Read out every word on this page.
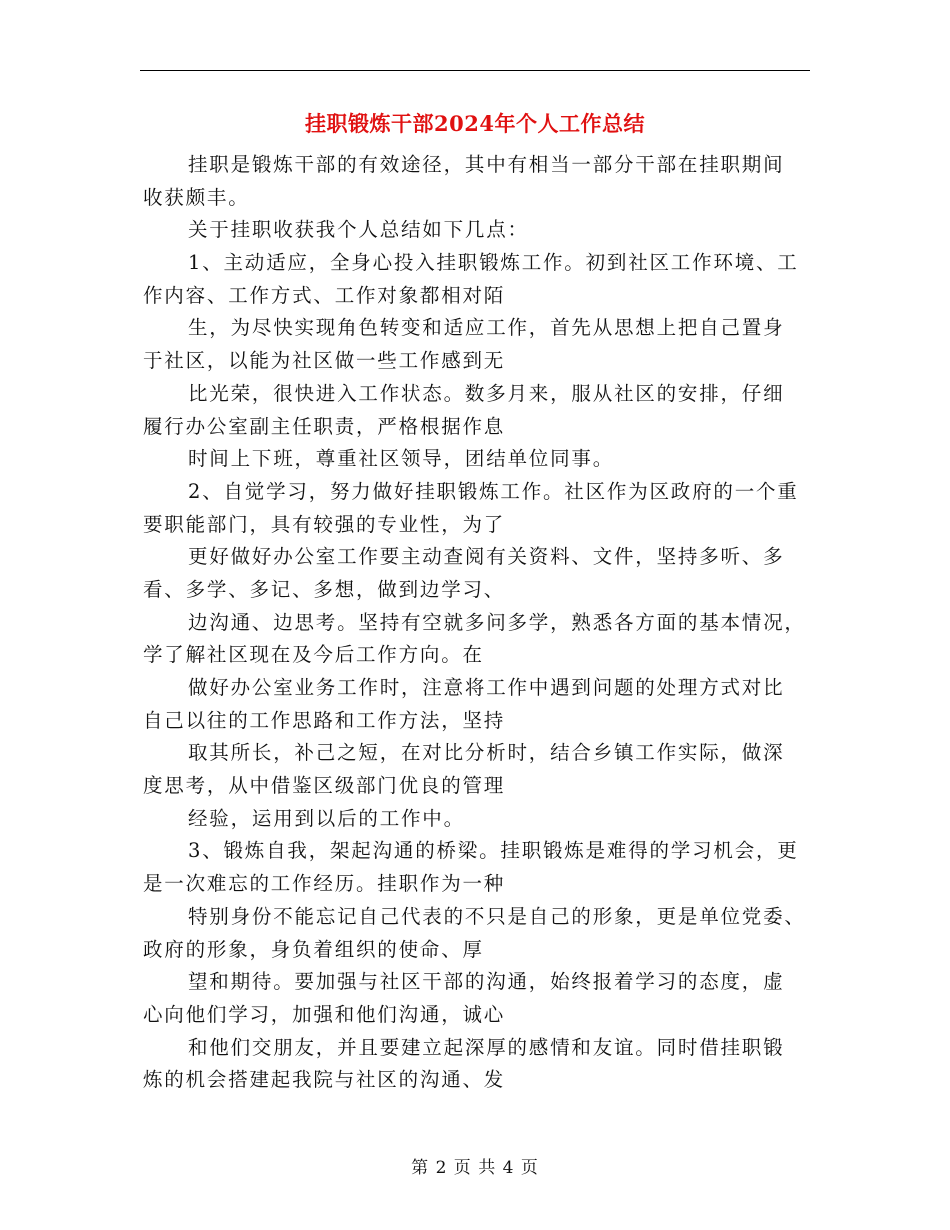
挂职锻炼干部2024年个人工作总结
挂职是锻炼干部的有效途径，其中有相当一部分干部在挂职期间
收获颇丰。
关于挂职收获我个人总结如下几点：
1、主动适应，全身心投入挂职锻炼工作。初到社区工作环境、工
作内容、工作方式、工作对象都相对陌
生，为尽快实现角色转变和适应工作，首先从思想上把自己置身
于社区，以能为社区做一些工作感到无
比光荣，很快进入工作状态。数多月来，服从社区的安排，仔细
履行办公室副主任职责，严格根据作息
时间上下班，尊重社区领导，团结单位同事。
2、自觉学习，努力做好挂职锻炼工作。社区作为区政府的一个重
要职能部门，具有较强的专业性，为了
更好做好办公室工作要主动查阅有关资料、文件，坚持多听、多
看、多学、多记、多想，做到边学习、
边沟通、边思考。坚持有空就多问多学，熟悉各方面的基本情况，
学了解社区现在及今后工作方向。在
做好办公室业务工作时，注意将工作中遇到问题的处理方式对比
自己以往的工作思路和工作方法，坚持
取其所长，补己之短，在对比分析时，结合乡镇工作实际，做深
度思考，从中借鉴区级部门优良的管理
经验，运用到以后的工作中。
3、锻炼自我，架起沟通的桥梁。挂职锻炼是难得的学习机会，更
是一次难忘的工作经历。挂职作为一种
特别身份不能忘记自己代表的不只是自己的形象，更是单位党委、
政府的形象，身负着组织的使命、厚
望和期待。要加强与社区干部的沟通，始终报着学习的态度，虚
心向他们学习，加强和他们沟通，诚心
和他们交朋友，并且要建立起深厚的感情和友谊。同时借挂职锻
炼的机会搭建起我院与社区的沟通、发
第 2 页 共 4 页
